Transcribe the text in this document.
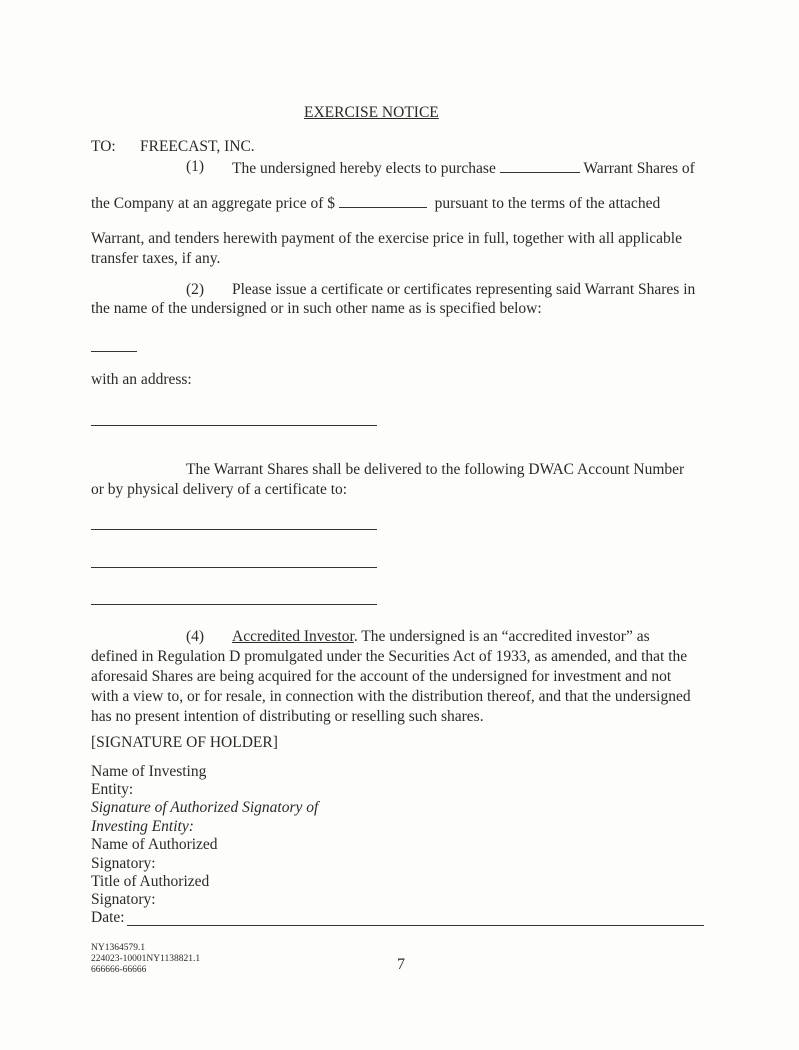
EXERCISE NOTICE
TO: FREECAST, INC.
(1) The undersigned hereby elects to purchase	Warrant Shares of
the Company at an aggregate price of $	pursuant to the terms of the attached
Warrant, and tenders herewith payment of the exercise price in full, together with all applicable
transfer taxes, if any.
(2) Please issue a certificate or certificates representing said Warrant Shares in
the name of the undersigned or in such other name as is specified below:
with an address:
The Warrant Shares shall be delivered to the following DWAC Account Number
or by physical delivery of a certificate to:
(4) Accredited Investor. The undersigned is an “accredited investor” as
defined in Regulation D promulgated under the Securities Act of 1933, as amended, and that the
aforesaid Shares are being acquired for the account of the undersigned for investment and not
with a view to, or for resale, in connection with the distribution thereof, and that the undersigned
has no present intention of distributing or reselling such shares.
[SIGNATURE OF HOLDER]
Name of Investing
Entity:
Signature of Authorized Signatory of
Investing Entity:
Name of Authorized
Signatory:
Title of Authorized
Signatory:
Date:
NY1364579.1
224023-10001NY1138821.1
666666-66666	7
